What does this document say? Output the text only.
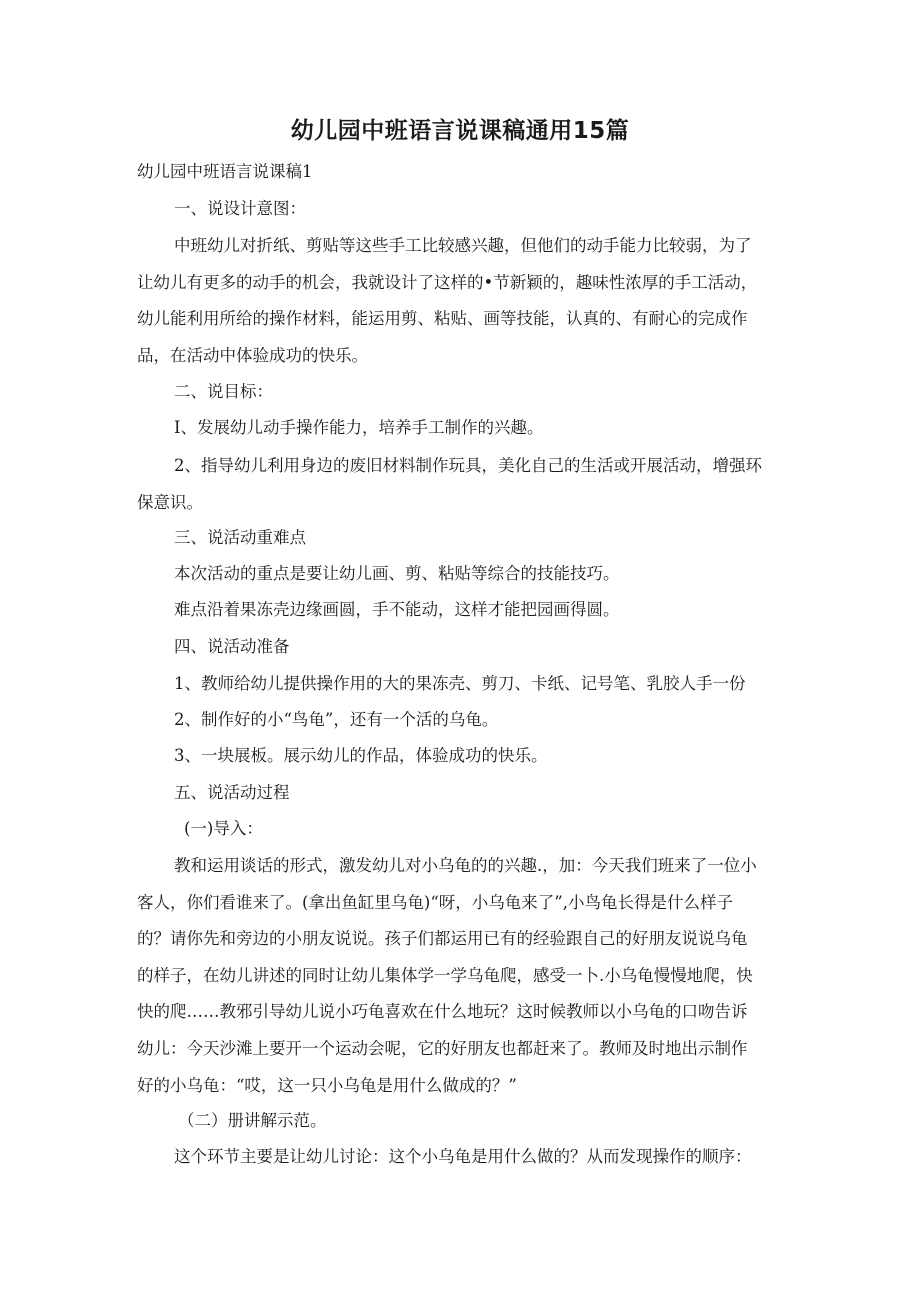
幼儿园中班语言说课稿通用15篇

幼儿园中班语言说课稿1

一、说设计意图：

中班幼儿对折纸、剪贴等这些手工比较感兴趣，但他们的动手能力比较弱，为了
让幼儿有更多的动手的机会，我就设计了这样的•节新颖的，趣味性浓厚的手工活动，
幼儿能利用所给的操作材料，能运用剪、粘贴、画等技能，认真的、有耐心的完成作
品，在活动中体验成功的快乐。

二、说目标：

I、发展幼儿动手操作能力，培养手工制作的兴趣。

2、指导幼儿利用身边的废旧材料制作玩具，美化自己的生活或开展活动，增强环
保意识。

三、说活动重难点

本次活动的重点是要让幼儿画、剪、粘贴等综合的技能技巧。

难点沿着果冻壳边缘画圆，手不能动，这样才能把园画得圆。

四、说活动准备

1、教师给幼儿提供操作用的大的果冻壳、剪刀、卡纸、记号笔、乳胶人手一份

2、制作好的小“鸟龟”，还有一个活的乌龟。

3、一块展板。展示幼儿的作品，体验成功的快乐。

五、说活动过程

(一)导入：

教和运用谈话的形式，激发幼儿对小乌龟的的兴趣.，加：今天我们班来了一位小
客人，你们看谁来了。(拿出鱼缸里乌龟)“呀，小乌龟来了”,小鸟龟长得是什么样子
的？请你先和旁边的小朋友说说。孩子们都运用已有的经验跟自己的好朋友说说乌龟
的样子，在幼儿讲述的同时让幼儿集体学一学乌龟爬，感受一卜.小乌龟慢慢地爬，快
快的爬……教邪引导幼儿说小巧龟喜欢在什么地玩？这时候教师以小乌龟的口吻告诉
幼儿：今天沙滩上要开一个运动会呢，它的好朋友也都赶来了。教师及时地出示制作
好的小乌龟：“哎，这一只小乌龟是用什么做成的？”

（二）册讲解示范。

这个环节主要是让幼儿讨论：这个小乌龟是用什么做的？从而发现操作的顺序：
